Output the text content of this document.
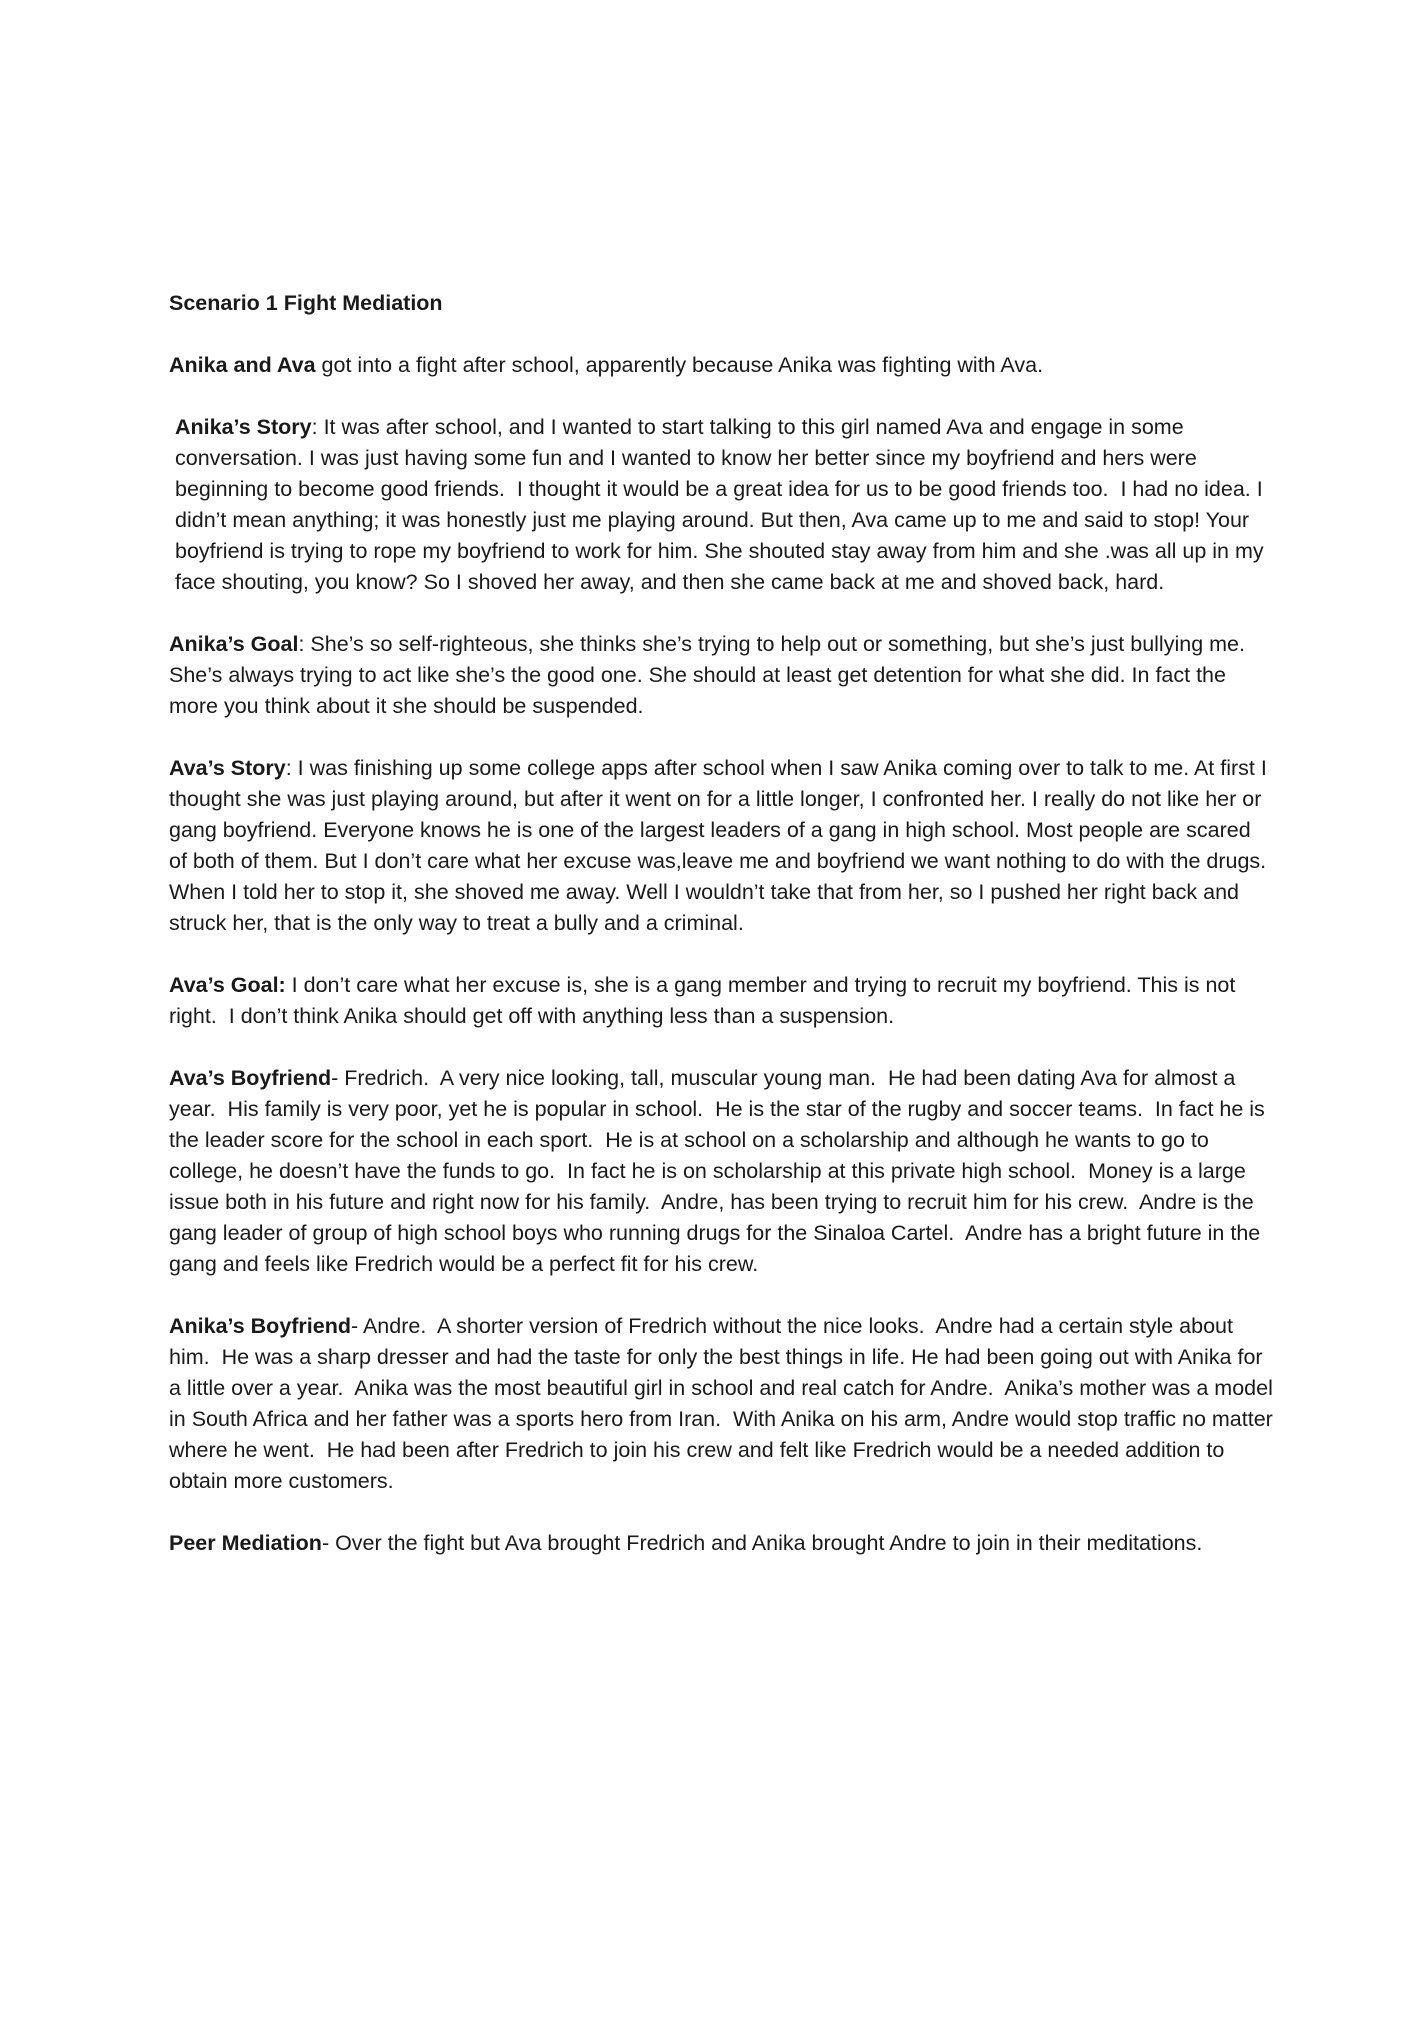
Scenario 1 Fight Mediation
Anika and Ava got into a fight after school, apparently because Anika was fighting with Ava.
Anika’s Story: It was after school, and I wanted to start talking to this girl named Ava and engage in some conversation. I was just having some fun and I wanted to know her better since my boyfriend and hers were beginning to become good friends.  I thought it would be a great idea for us to be good friends too.  I had no idea. I didn’t mean anything; it was honestly just me playing around. But then, Ava came up to me and said to stop! Your boyfriend is trying to rope my boyfriend to work for him. She shouted stay away from him and she .was all up in my face shouting, you know? So I shoved her away, and then she came back at me and shoved back, hard.
Anika’s Goal: She’s so self-righteous, she thinks she’s trying to help out or something, but she’s just bullying me. She’s always trying to act like she’s the good one. She should at least get detention for what she did. In fact the more you think about it she should be suspended.
Ava’s Story: I was finishing up some college apps after school when I saw Anika coming over to talk to me. At first I thought she was just playing around, but after it went on for a little longer, I confronted her. I really do not like her or gang boyfriend. Everyone knows he is one of the largest leaders of a gang in high school. Most people are scared of both of them. But I don’t care what her excuse was,leave me and boyfriend we want nothing to do with the drugs. When I told her to stop it, she shoved me away. Well I wouldn’t take that from her, so I pushed her right back and struck her, that is the only way to treat a bully and a criminal.
Ava’s Goal: I don’t care what her excuse is, she is a gang member and trying to recruit my boyfriend. This is not right.  I don’t think Anika should get off with anything less than a suspension.
Ava’s Boyfriend- Fredrich.  A very nice looking, tall, muscular young man.  He had been dating Ava for almost a year.  His family is very poor, yet he is popular in school.  He is the star of the rugby and soccer teams.  In fact he is the leader score for the school in each sport.  He is at school on a scholarship and although he wants to go to college, he doesn’t have the funds to go.  In fact he is on scholarship at this private high school.  Money is a large issue both in his future and right now for his family.  Andre, has been trying to recruit him for his crew.  Andre is the gang leader of group of high school boys who running drugs for the Sinaloa Cartel.  Andre has a bright future in the gang and feels like Fredrich would be a perfect fit for his crew.
Anika’s Boyfriend- Andre.  A shorter version of Fredrich without the nice looks.  Andre had a certain style about him.  He was a sharp dresser and had the taste for only the best things in life. He had been going out with Anika for a little over a year.  Anika was the most beautiful girl in school and real catch for Andre.  Anika’s mother was a model in South Africa and her father was a sports hero from Iran.  With Anika on his arm, Andre would stop traffic no matter where he went.  He had been after Fredrich to join his crew and felt like Fredrich would be a needed addition to obtain more customers.
Peer Mediation- Over the fight but Ava brought Fredrich and Anika brought Andre to join in their meditations.
